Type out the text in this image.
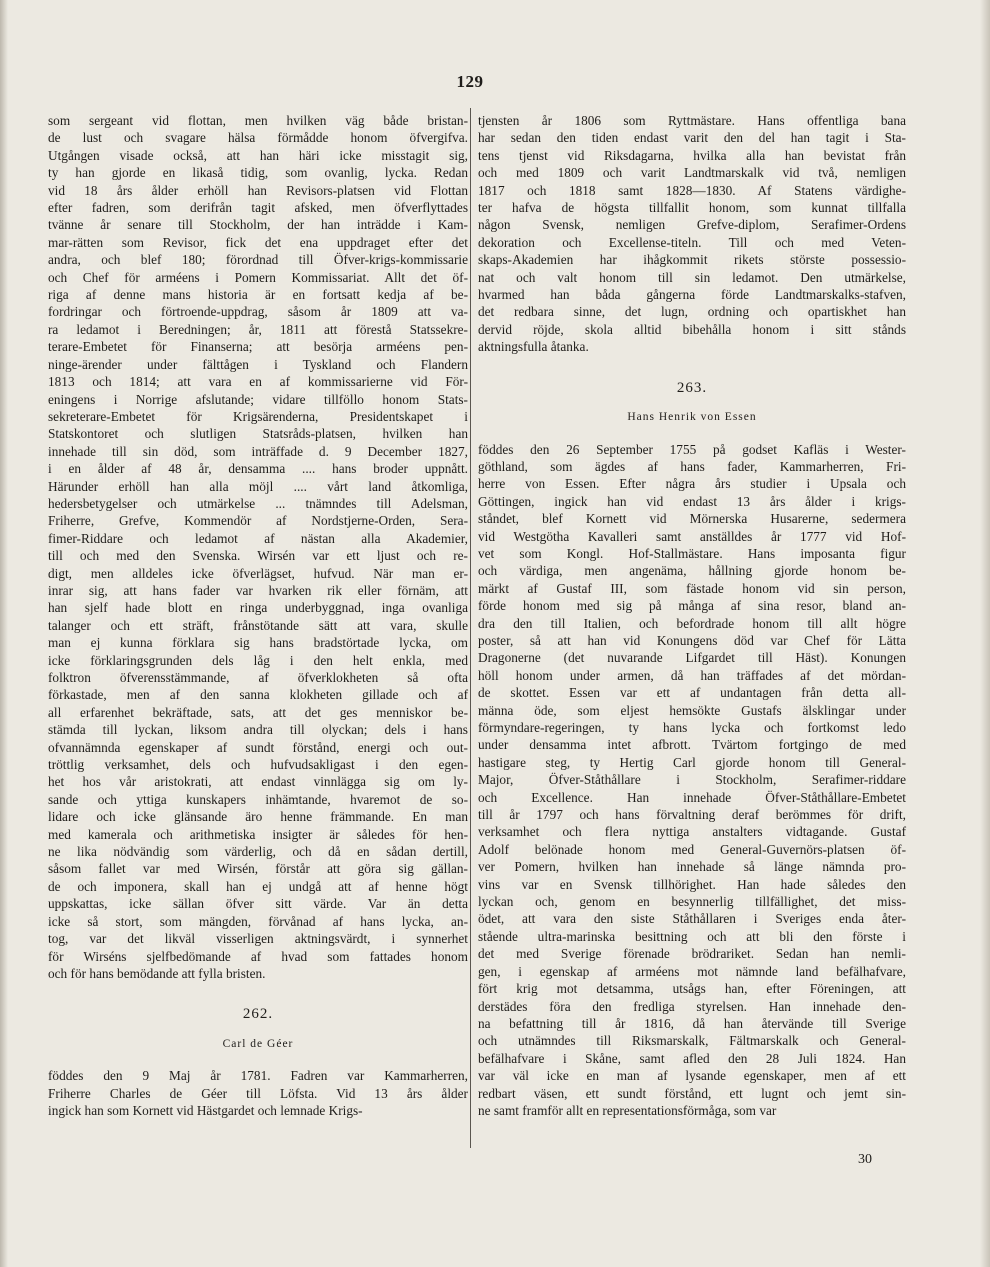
129
som sergeant vid flottan, men hvilken väg både bristan-
de lust och svagare hälsa förmådde honom öfvergifva.
Utgången visade också, att han häri icke misstagit sig,
ty han gjorde en likaså tidig, som ovanlig, lycka. Redan
vid 18 års ålder erhöll han Revisors-platsen vid Flottan
efter fadren, som derifrån tagit afsked, men öfverflyttades
tvänne år senare till Stockholm, der han inträdde i Kam-
mar-rätten som Revisor, fick det ena uppdraget efter det
andra, och blef 180; förordnad till Öfver-krigs-kommissarie
och Chef för arméens i Pomern Kommissariat. Allt det öf-
riga af denne mans historia är en fortsatt kedja af be-
fordringar och förtroende-uppdrag, såsom år 1809 att va-
ra ledamot i Beredningen; år, 1811 att förestå Statssekre-
terare-Embetet för Finanserna; att besörja arméens pen-
ninge-ärender under fälttågen i Tyskland och Flandern
1813 och 1814; att vara en af kommissarierne vid För-
eningens i Norrige afslutande; vidare tillföllo honom Stats-
sekreterare-Embetet för Krigsärenderna, Presidentskapet i
Statskontoret och slutligen Statsråds-platsen, hvilken han
innehade till sin död, som inträffade d. 9 December 1827,
i en ålder af 48 år, densamma .... hans broder uppnått.
Härunder erhöll han alla möjl .... vårt land åtkomliga,
hedersbetygelser och utmärkelse ... tnämndes till Adelsman,
Friherre, Grefve, Kommendör af Nordstjerne-Orden, Sera-
fimer-Riddare och ledamot af nästan alla Akademier,
till och med den Svenska. Wirsén var ett ljust och re-
digt, men alldeles icke öfverlägset, hufvud. När man er-
inrar sig, att hans fader var hvarken rik eller förnäm, att
han sjelf hade blott en ringa underbyggnad, inga ovanliga
talanger och ett sträft, frånstötande sätt att vara, skulle
man ej kunna förklara sig hans bradstörtade lycka, om
icke förklaringsgrunden dels låg i den helt enkla, med
folktron öfverensstämmande, af öfverklokheten så ofta
förkastade, men af den sanna klokheten gillade och af
all erfarenhet bekräftade, sats, att det ges menniskor be-
stämda till lyckan, liksom andra till olyckan; dels i hans
ofvannämnda egenskaper af sundt förstånd, energi och out-
tröttlig verksamhet, dels och hufvudsakligast i den egen-
het hos vår aristokrati, att endast vinnlägga sig om ly-
sande och yttiga kunskapers inhämtande, hvaremot de so-
lidare och icke glänsande äro henne främmande. En man
med kamerala och arithmetiska insigter är således för hen-
ne lika nödvändig som värderlig, och då en sådan dertill,
såsom fallet var med Wirsén, förstår att göra sig gällan-
de och imponera, skall han ej undgå att af henne högt
uppskattas, icke sällan öfver sitt värde. Var än detta
icke så stort, som mängden, förvånad af hans lycka, an-
tog, var det likväl visserligen aktningsvärdt, i synnerhet
för Wirséns sjelfbedömande af hvad som fattades honom
och för hans bemödande att fylla bristen.
262.
Carl de Géer
föddes den 9 Maj år 1781. Fadren var Kammarherren,
Friherre Charles de Géer till Löfsta. Vid 13 års ålder
ingick han som Kornett vid Hästgardet och lemnade Krigs-
tjensten år 1806 som Ryttmästare. Hans offentliga bana
har sedan den tiden endast varit den del han tagit i Sta-
tens tjenst vid Riksdagarna, hvilka alla han bevistat från
och med 1809 och varit Landtmarskalk vid två, nemligen
1817 och 1818 samt 1828—1830. Af Statens värdighe-
ter hafva de högsta tillfallit honom, som kunnat tillfalla
någon Svensk, nemligen Grefve-diplom, Serafimer-Ordens
dekoration och Excellense-titeln. Till och med Veten-
skaps-Akademien har ihågkommit rikets störste possessio-
nat och valt honom till sin ledamot. Den utmärkelse,
hvarmed han båda gångerna förde Landtmarskalks-stafven,
det redbara sinne, det lugn, ordning och opartiskhet han
dervid röjde, skola alltid bibehålla honom i sitt stånds
aktningsfulla åtanka.
263.
Hans Henrik von Essen
föddes den 26 September 1755 på godset Kafläs i Wester-
göthland, som ägdes af hans fader, Kammarherren, Fri-
herre von Essen. Efter några års studier i Upsala och
Göttingen, ingick han vid endast 13 års ålder i krigs-
ståndet, blef Kornett vid Mörnerska Husarerne, sedermera
vid Westgötha Kavalleri samt anställdes år 1777 vid Hof-
vet som Kongl. Hof-Stallmästare. Hans imposanta figur
och värdiga, men angenäma, hållning gjorde honom be-
märkt af Gustaf III, som fästade honom vid sin person,
förde honom med sig på många af sina resor, bland an-
dra den till Italien, och befordrade honom till allt högre
poster, så att han vid Konungens död var Chef för Lätta
Dragonerne (det nuvarande Lifgardet till Häst). Konungen
höll honom under armen, då han träffades af det mördan-
de skottet. Essen var ett af undantagen från detta all-
männa öde, som eljest hemsökte Gustafs älsklingar under
förmyndare-regeringen, ty hans lycka och fortkomst ledo
under densamma intet afbrott. Tvärtom fortgingo de med
hastigare steg, ty Hertig Carl gjorde honom till General-
Major, Öfver-Ståthållare i Stockholm, Serafimer-riddare
och Excellence. Han innehade Öfver-Ståthållare-Embetet
till år 1797 och hans förvaltning deraf berömmes för drift,
verksamhet och flera nyttiga anstalters vidtagande. Gustaf
Adolf belönade honom med General-Guvernörs-platsen öf-
ver Pomern, hvilken han innehade så länge nämnda pro-
vins var en Svensk tillhörighet. Han hade således den
lyckan och, genom en besynnerlig tillfällighet, det miss-
ödet, att vara den siste Ståthållaren i Sveriges enda åter-
stående ultra-marinska besittning och att bli den förste i
det med Sverige förenade brödrariket. Sedan han nemli-
gen, i egenskap af arméens mot nämnde land befälhafvare,
fört krig mot detsamma, utsågs han, efter Föreningen, att
derstädes föra den fredliga styrelsen. Han innehade den-
na befattning till år 1816, då han återvände till Sverige
och utnämndes till Riksmarskalk, Fältmarskalk och General-
befälhafvare i Skåne, samt afled den 28 Juli 1824. Han
var väl icke en man af lysande egenskaper, men af ett
redbart väsen, ett sundt förstånd, ett lugnt och jemt sin-
ne samt framför allt en representationsförmåga, som var
30
